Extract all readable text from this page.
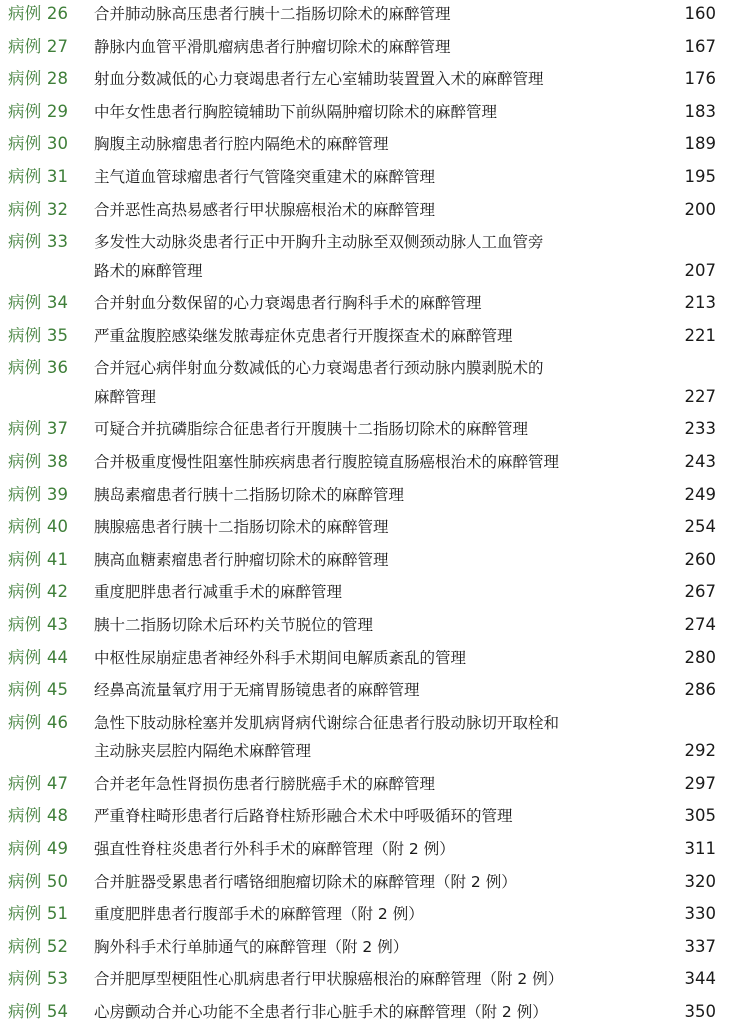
病例 26 合并肺动脉高压患者行胰十二指肠切除术的麻醉管理	160
病例 27 静脉内血管平滑肌瘤病患者行肿瘤切除术的麻醉管理	167
病例 28 射血分数减低的心力衰竭患者行左心室辅助装置置入术的麻醉管理	176
病例 29 中年女性患者行胸腔镜辅助下前纵隔肿瘤切除术的麻醉管理	183
病例 30 胸腹主动脉瘤患者行腔内隔绝术的麻醉管理	189
病例 31 主气道血管球瘤患者行气管隆突重建术的麻醉管理	195
病例 32 合并恶性高热易感者行甲状腺癌根治术的麻醉管理	200
病例 33 多发性大动脉炎患者行正中开胸升主动脉至双侧颈动脉人工血管旁
路术的麻醉管理	207
病例 34 合并射血分数保留的心力衰竭患者行胸科手术的麻醉管理	213
病例 35 严重盆腹腔感染继发脓毒症休克患者行开腹探查术的麻醉管理	221
病例 36 合并冠心病伴射血分数减低的心力衰竭患者行颈动脉内膜剥脱术的
麻醉管理	227
病例 37 可疑合并抗磷脂综合征患者行开腹胰十二指肠切除术的麻醉管理	233
病例 38 合并极重度慢性阻塞性肺疾病患者行腹腔镜直肠癌根治术的麻醉管理	243
病例 39 胰岛素瘤患者行胰十二指肠切除术的麻醉管理	249
病例 40 胰腺癌患者行胰十二指肠切除术的麻醉管理	254
病例 41 胰高血糖素瘤患者行肿瘤切除术的麻醉管理	260
病例 42 重度肥胖患者行减重手术的麻醉管理	267
病例 43 胰十二指肠切除术后环杓关节脱位的管理	274
病例 44 中枢性尿崩症患者神经外科手术期间电解质紊乱的管理	280
病例 45 经鼻高流量氧疗用于无痛胃肠镜患者的麻醉管理	286
病例 46 急性下肢动脉栓塞并发肌病肾病代谢综合征患者行股动脉切开取栓和
主动脉夹层腔内隔绝术麻醉管理	292
病例 47 合并老年急性肾损伤患者行膀胱癌手术的麻醉管理	297
病例 48 严重脊柱畸形患者行后路脊柱矫形融合术术中呼吸循环的管理	305
病例 49 强直性脊柱炎患者行外科手术的麻醉管理（附 2 例）	311
病例 50 合并脏器受累患者行嗜铬细胞瘤切除术的麻醉管理（附 2 例）	320
病例 51 重度肥胖患者行腹部手术的麻醉管理（附 2 例）	330
病例 52 胸外科手术行单肺通气的麻醉管理（附 2 例）	337
病例 53 合并肥厚型梗阻性心肌病患者行甲状腺癌根治的麻醉管理（附 2 例）	344
病例 54 心房颤动合并心功能不全患者行非心脏手术的麻醉管理（附 2 例）	350
